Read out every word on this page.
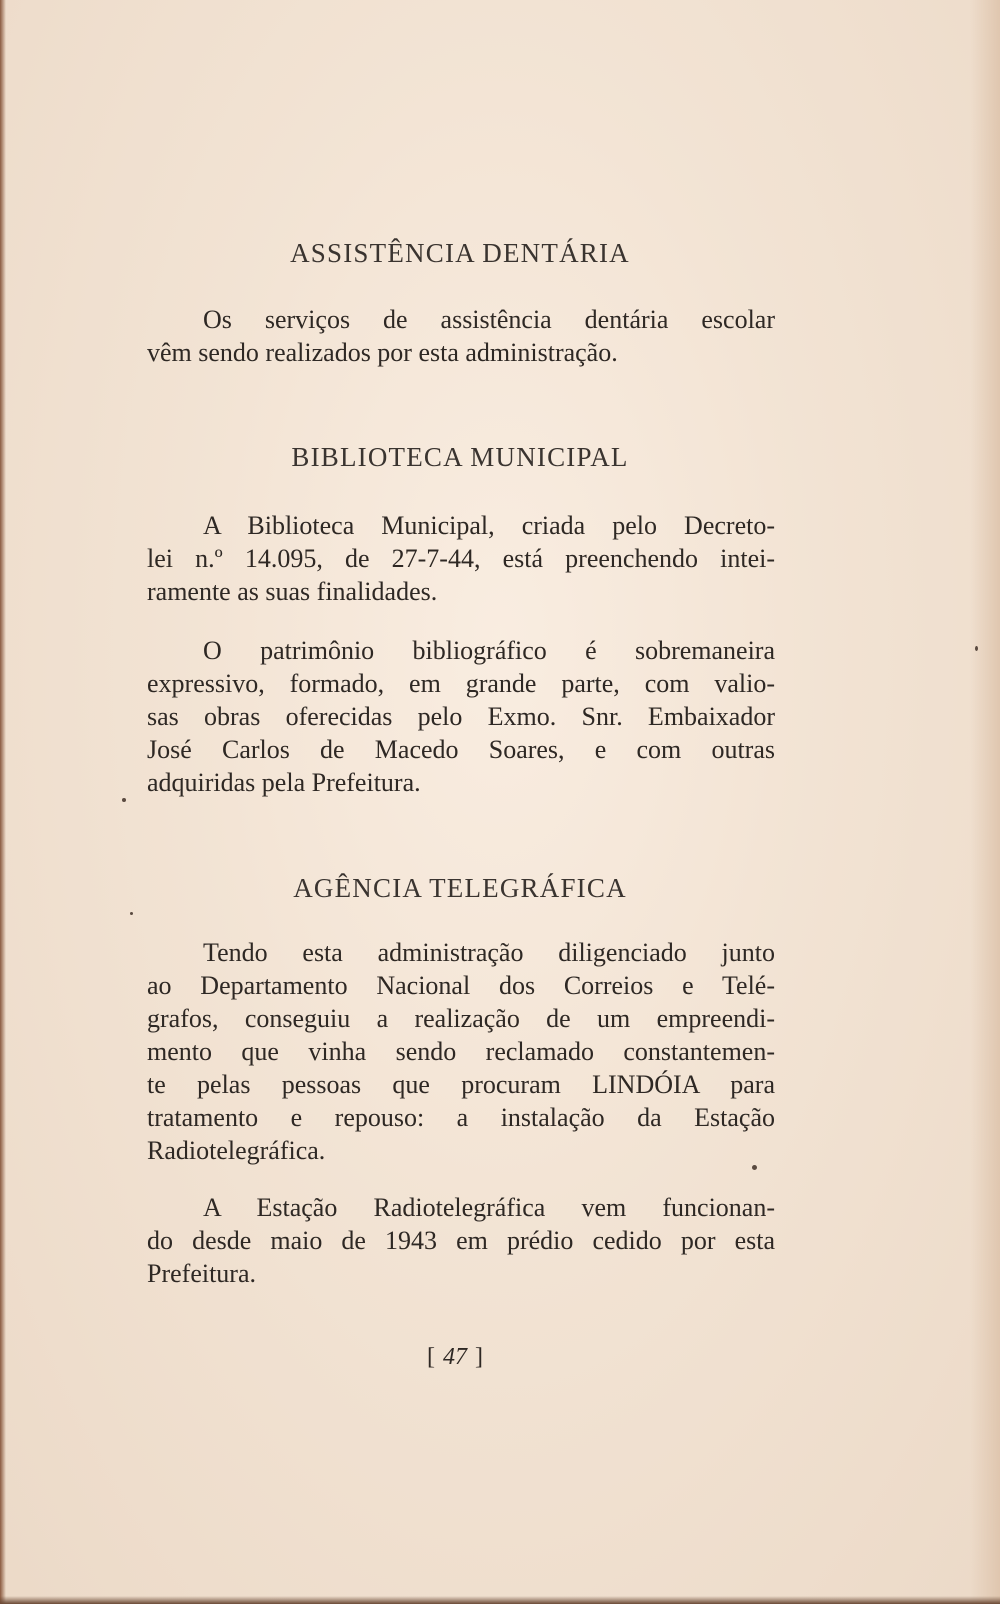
ASSISTÊNCIA DENTÁRIA
Os serviços de assistência dentária escolar
vêm sendo realizados por esta administração.
BIBLIOTECA MUNICIPAL
A Biblioteca Municipal, criada pelo Decreto-
lei n.º 14.095, de 27-7-44, está preenchendo intei-
ramente as suas finalidades.
O patrimônio bibliográfico é sobremaneira
expressivo, formado, em grande parte, com valio-
sas obras oferecidas pelo Exmo. Snr. Embaixador
José Carlos de Macedo Soares, e com outras
adquiridas pela Prefeitura.
AGÊNCIA TELEGRÁFICA
Tendo esta administração diligenciado junto
ao Departamento Nacional dos Correios e Telé-
grafos, conseguiu a realização de um empreendi-
mento que vinha sendo reclamado constantemen-
te pelas pessoas que procuram LINDÓIA para
tratamento e repouso: a instalação da Estação
Radiotelegráfica.
A Estação Radiotelegráfica vem funcionan-
do desde maio de 1943 em prédio cedido por esta
Prefeitura.
[ 47 ]
